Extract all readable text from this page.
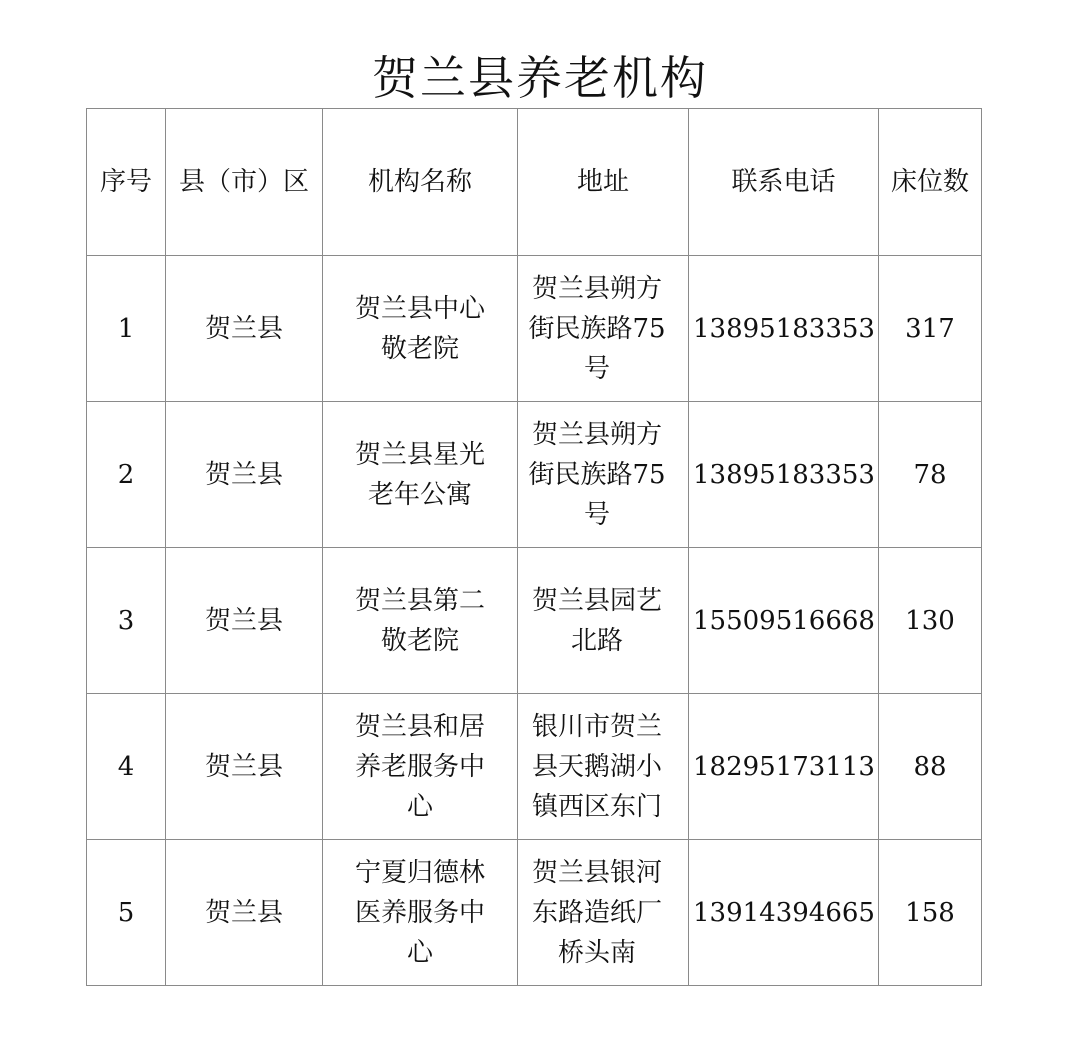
贺兰县养老机构
序号	县（市）区	机构名称	地址	联系电话	床位数
1	贺兰县	贺兰县中心敬老院	贺兰县朔方街民族路75号	13895183353	317
2	贺兰县	贺兰县星光老年公寓	贺兰县朔方街民族路75号	13895183353	78
3	贺兰县	贺兰县第二敬老院	贺兰县园艺北路	15509516668	130
4	贺兰县	贺兰县和居养老服务中心	银川市贺兰县天鹅湖小镇西区东门	18295173113	88
5	贺兰县	宁夏归德林医养服务中心	贺兰县银河东路造纸厂桥头南	13914394665	158
